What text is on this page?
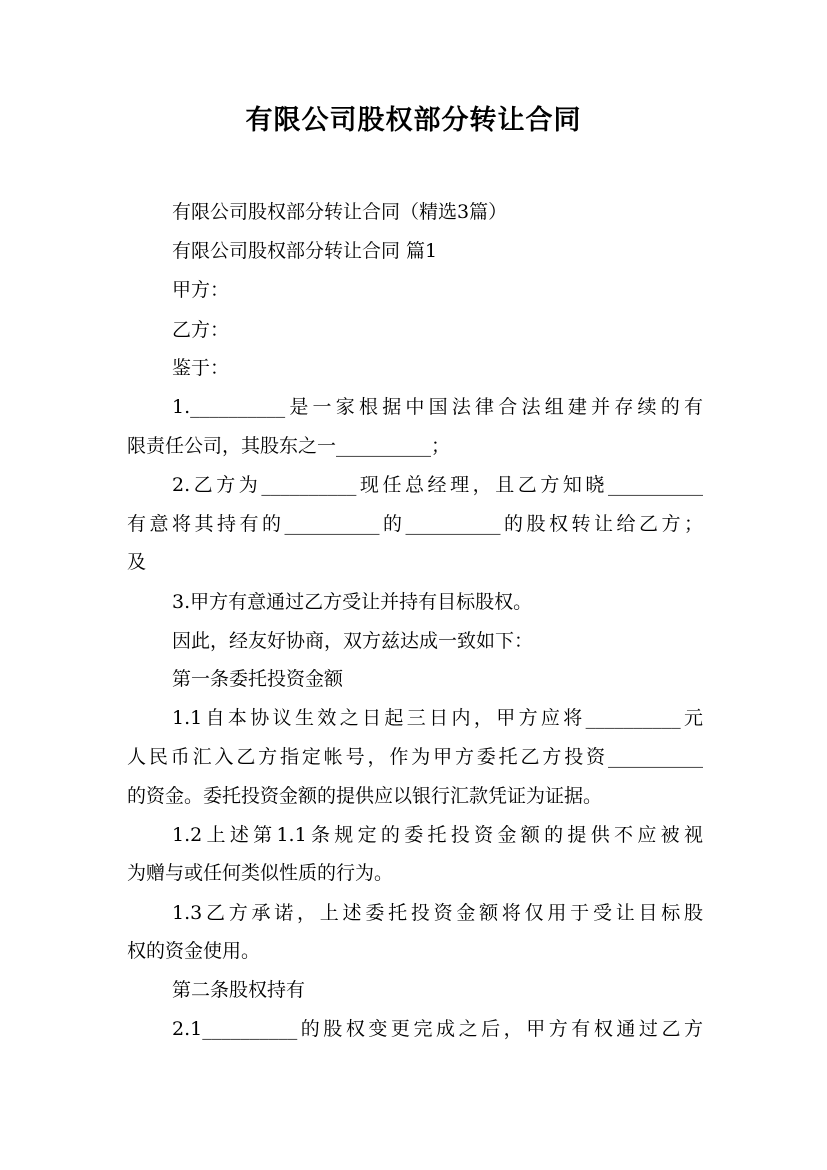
有限公司股权部分转让合同
有限公司股权部分转让合同（精选3篇）
有限公司股权部分转让合同 篇1
甲方：
乙方：
鉴于：
1.__________是一家根据中国法律合法组建并存续的有
限责任公司，其股东之一__________；
2.乙方为__________现任总经理，且乙方知晓__________
有意将其持有的__________的__________的股权转让给乙方；
及
3.甲方有意通过乙方受让并持有目标股权。
因此，经友好协商，双方兹达成一致如下：
第一条委托投资金额
1.1自本协议生效之日起三日内，甲方应将__________元
人民币汇入乙方指定帐号，作为甲方委托乙方投资__________
的资金。委托投资金额的提供应以银行汇款凭证为证据。
1.2上述第1.1条规定的委托投资金额的提供不应被视
为赠与或任何类似性质的行为。
1.3乙方承诺，上述委托投资金额将仅用于受让目标股
权的资金使用。
第二条股权持有
2.1__________的股权变更完成之后，甲方有权通过乙方
